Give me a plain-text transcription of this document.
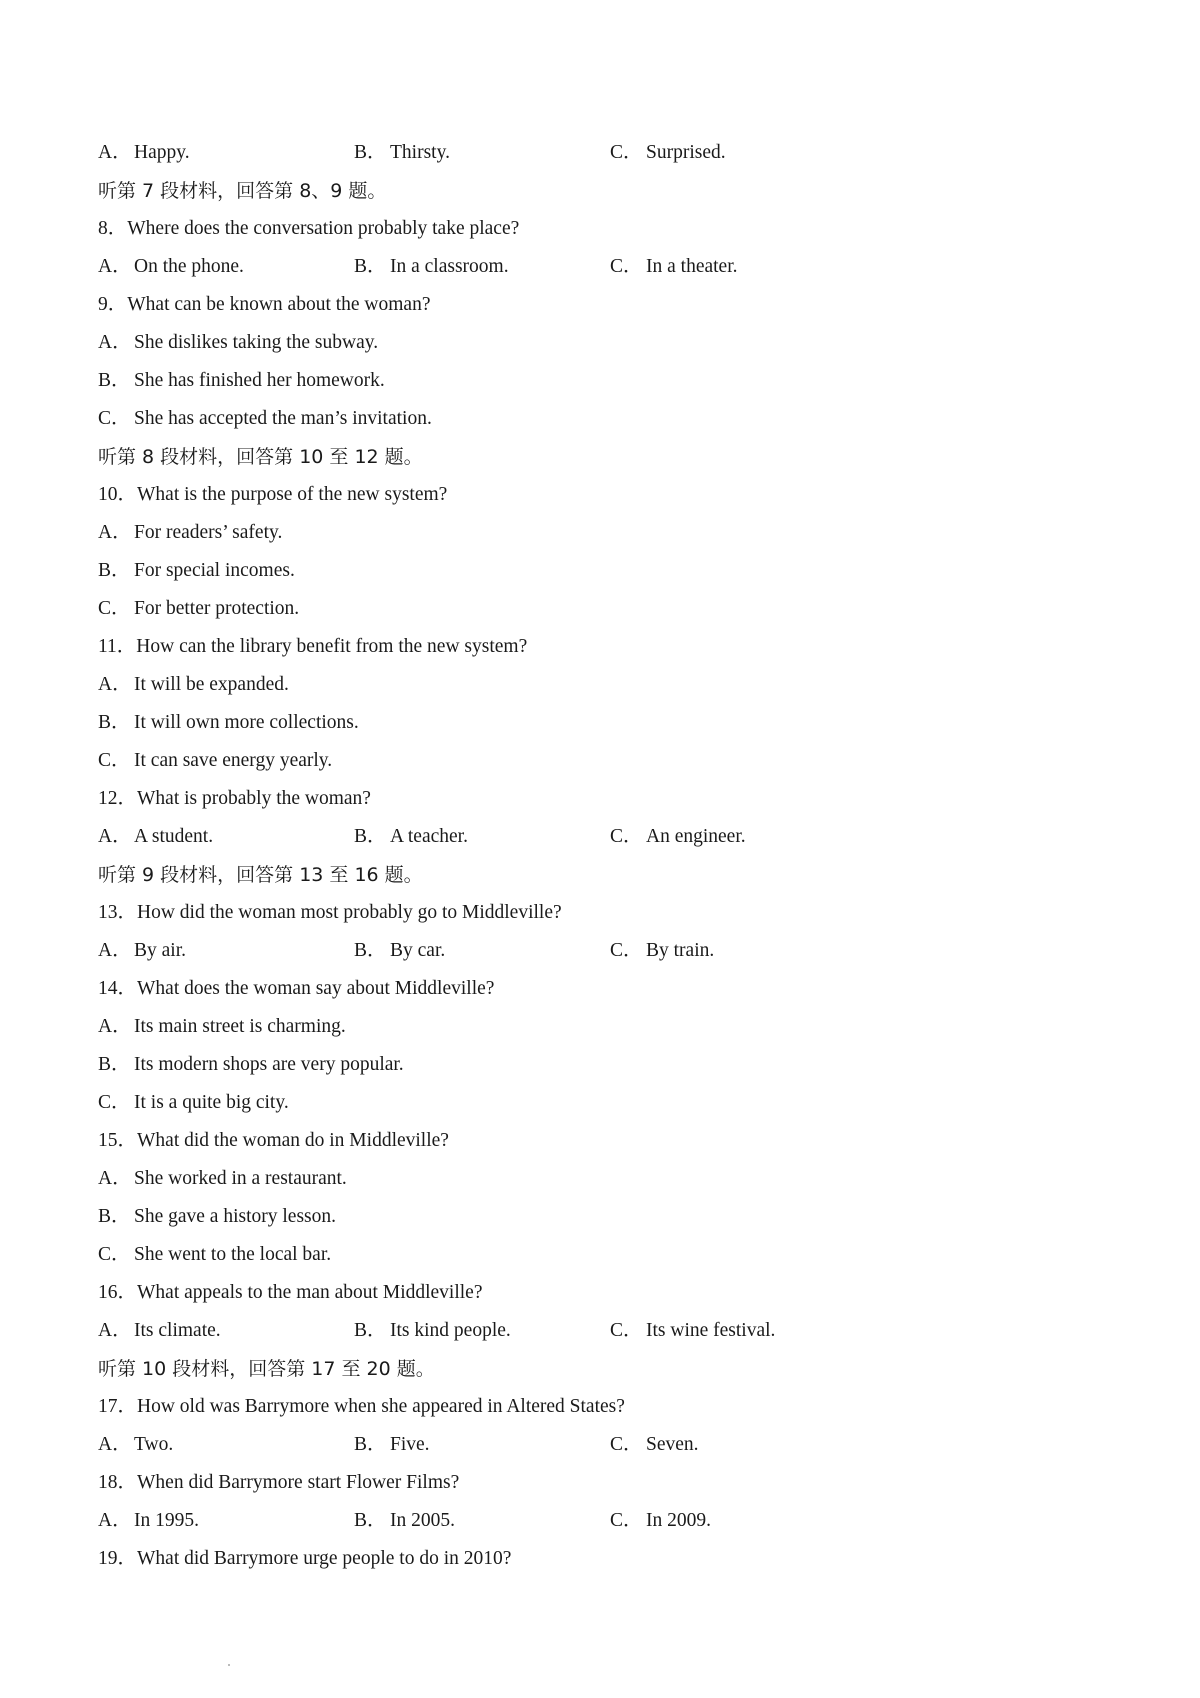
A． Happy.	B． Thirsty.	C． Surprised.
听第 7 段材料，回答第 8、9 题。
8． Where does the conversation probably take place?
A． On the phone.	B． In a classroom.	C． In a theater.
9． What can be known about the woman?
A． She dislikes taking the subway.
B． She has finished her homework.
C． She has accepted the man’s invitation.
听第 8 段材料，回答第 10 至 12 题。
10． What is the purpose of the new system?
A． For readers’ safety.
B． For special incomes.
C． For better protection.
11． How can the library benefit from the new system?
A． It will be expanded.
B． It will own more collections.
C． It can save energy yearly.
12． What is probably the woman?
A． A student.	B． A teacher.	C． An engineer.
听第 9 段材料，回答第 13 至 16 题。
13． How did the woman most probably go to Middleville?
A． By air.	B． By car.	C． By train.
14． What does the woman say about Middleville?
A． Its main street is charming.
B． Its modern shops are very popular.
C． It is a quite big city.
15． What did the woman do in Middleville?
A． She worked in a restaurant.
B． She gave a history lesson.
C． She went to the local bar.
16． What appeals to the man about Middleville?
A． Its climate.	B． Its kind people.	C． Its wine festival.
听第 10 段材料，回答第 17 至 20 题。
17． How old was Barrymore when she appeared in Altered States?
A． Two.	B． Five.	C． Seven.
18． When did Barrymore start Flower Films?
A． In 1995.	B． In 2005.	C． In 2009.
19． What did Barrymore urge people to do in 2010?
